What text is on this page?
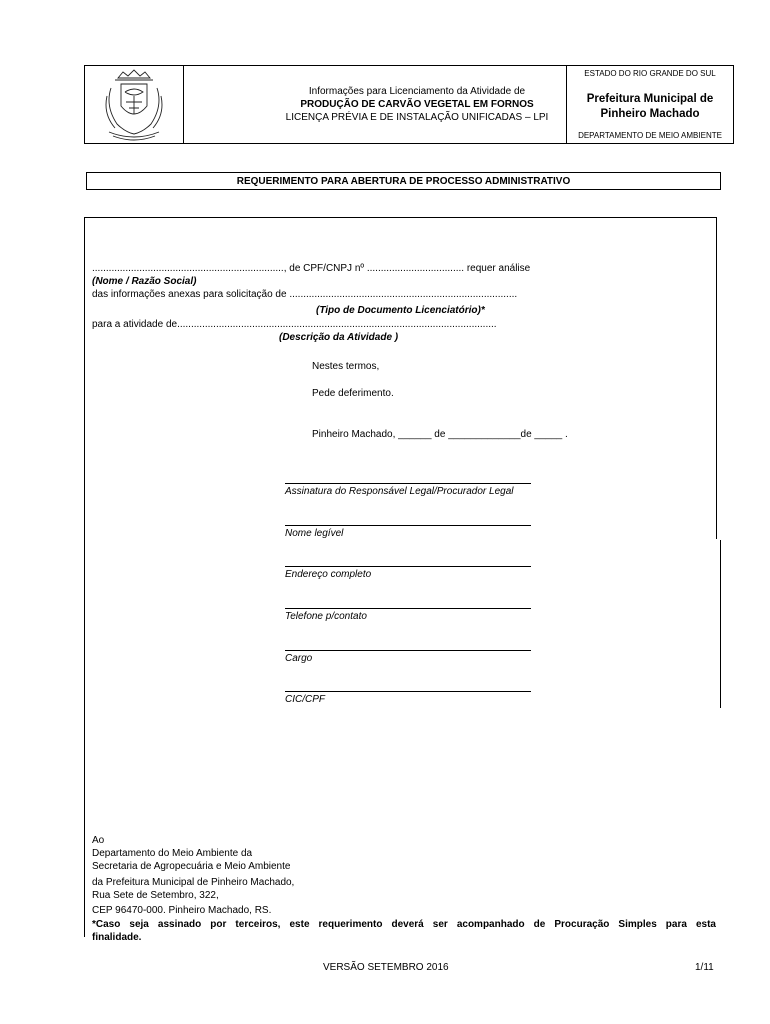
Informações para Licenciamento da Atividade de
PRODUÇÃO DE CARVÃO VEGETAL EM FORNOS
LICENÇA PRÉVIA E DE INSTALAÇÃO UNIFICADAS – LPI
ESTADO DO RIO GRANDE DO SUL
Prefeitura Municipal de
Pinheiro Machado
DEPARTAMENTO DE MEIO AMBIENTE
REQUERIMENTO PARA ABERTURA DE PROCESSO ADMINISTRATIVO
....................................................................., de CPF/CNPJ nº ................................... requer análise
(Nome / Razão Social)
das informações anexas para solicitação de ..................................................................................
(Tipo de Documento Licenciatório)*
para a atividade de...................................................................................................................
(Descrição da Atividade )
Nestes termos,
Pede deferimento.
Pinheiro Machado, ______ de _____________de _____ .
Assinatura do Responsável Legal/Procurador Legal
Nome legível
Endereço completo
Telefone p/contato
Cargo
CIC/CPF
Ao
Departamento do Meio Ambiente da
Secretaria de Agropecuária e Meio Ambiente
da Prefeitura Municipal de Pinheiro Machado,
Rua Sete de Setembro, 322,
CEP 96470-000. Pinheiro Machado, RS.
*Caso seja assinado por terceiros, este requerimento deverá ser acompanhado de Procuração Simples para esta
finalidade.
VERSÃO SETEMBRO 2016	1/11
